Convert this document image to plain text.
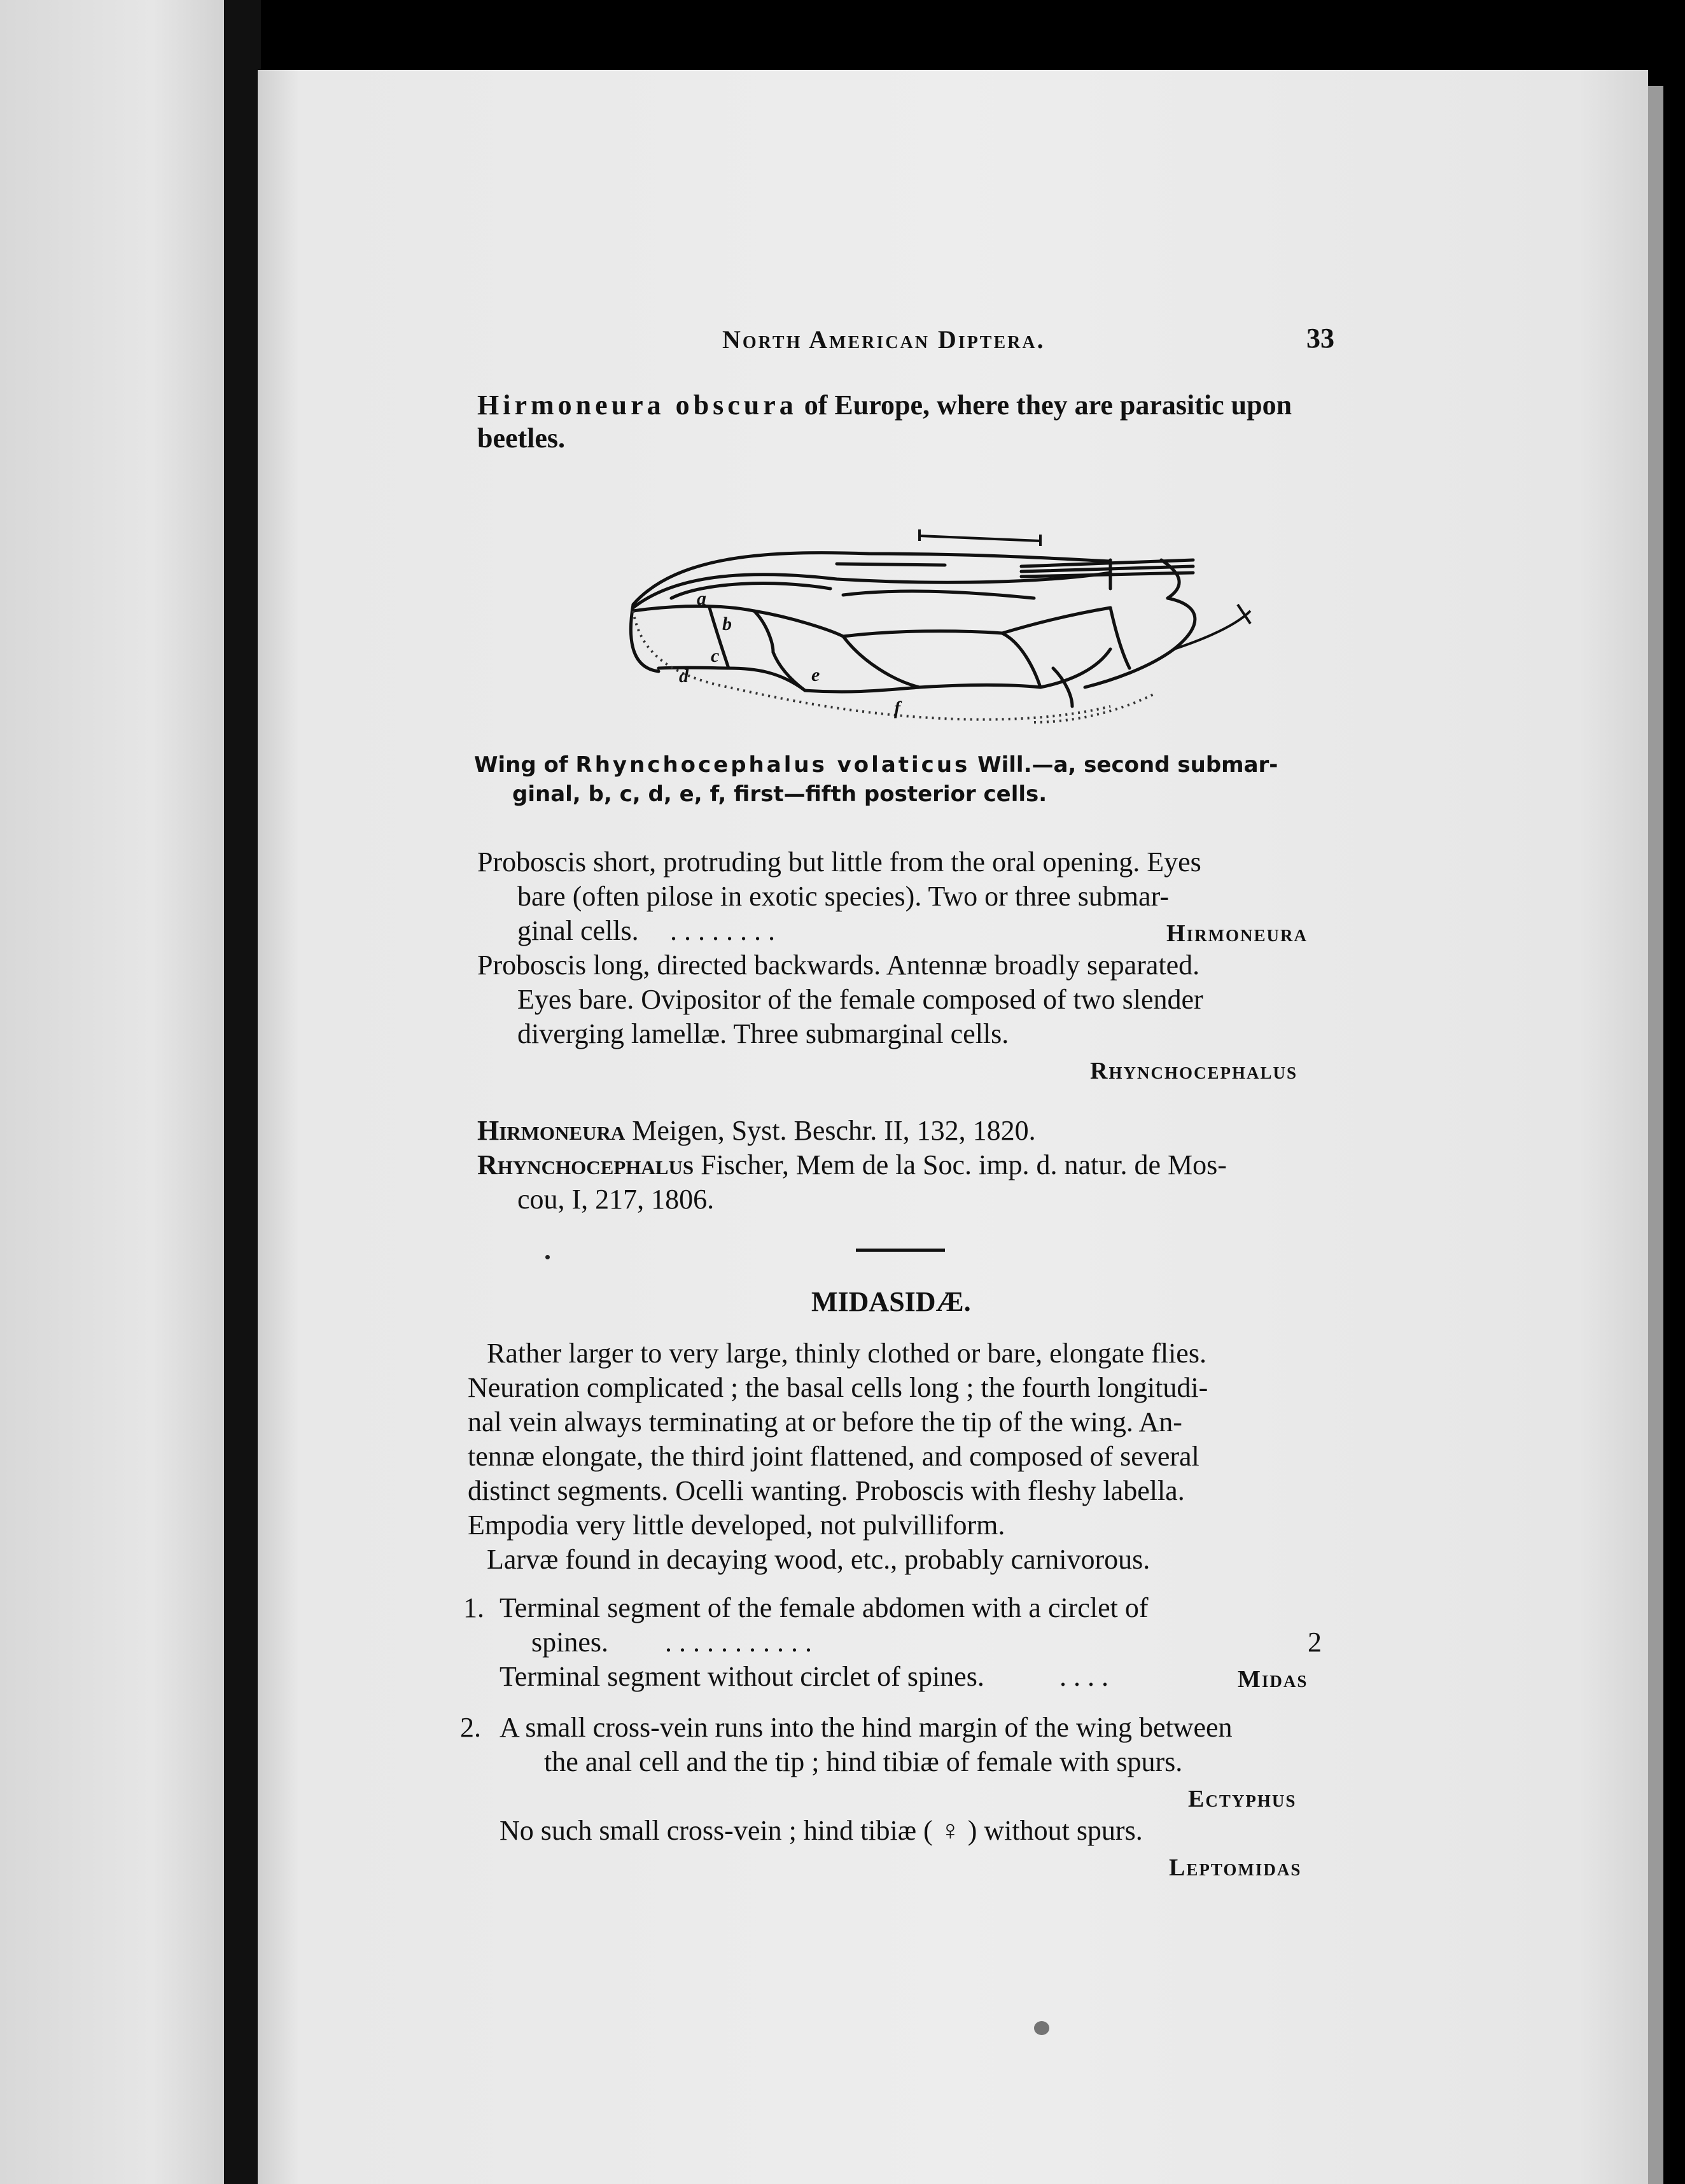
North American Diptera.	33
Hirmoneura obscura of Europe, where they are parasitic upon
beetles.
a
b
c
d	e
f
Wing of Rhynchocephalus volaticus Will.—a, second submar-
ginal, b, c, d, e, f, first—fifth posterior cells.
Proboscis short, protruding but little from the oral opening. Eyes
bare (often pilose in exotic species). Two or three submar-
ginal cells. . . . . . . . .	Hirmoneura
Proboscis long, directed backwards. Antennæ broadly separated.
Eyes bare. Ovipositor of the female composed of two slender
diverging lamellæ. Three submarginal cells.
Rhynchocephalus
Hirmoneura Meigen, Syst. Beschr. II, 132, 1820.
Rhynchocephalus Fischer, Mem de la Soc. imp. d. natur. de Mos-
cou, I, 217, 1806.
MIDASIDÆ.
Rather larger to very large, thinly clothed or bare, elongate flies.
Neuration complicated ; the basal cells long ; the fourth longitudi-
nal vein always terminating at or before the tip of the wing. An-
tennæ elongate, the third joint flattened, and composed of several
distinct segments. Ocelli wanting. Proboscis with fleshy labella.
Empodia very little developed, not pulvilliform.
Larvæ found in decaying wood, etc., probably carnivorous.
1. Terminal segment of the female abdomen with a circlet of
spines. . . . . . . . . . . .	2
Terminal segment without circlet of spines.	. . . .	Midas
2. A small cross-vein runs into the hind margin of the wing between
the anal cell and the tip ; hind tibiæ of female with spurs.
Ectyphus
No such small cross-vein ; hind tibiæ ( ♀ ) without spurs.
Leptomidas
